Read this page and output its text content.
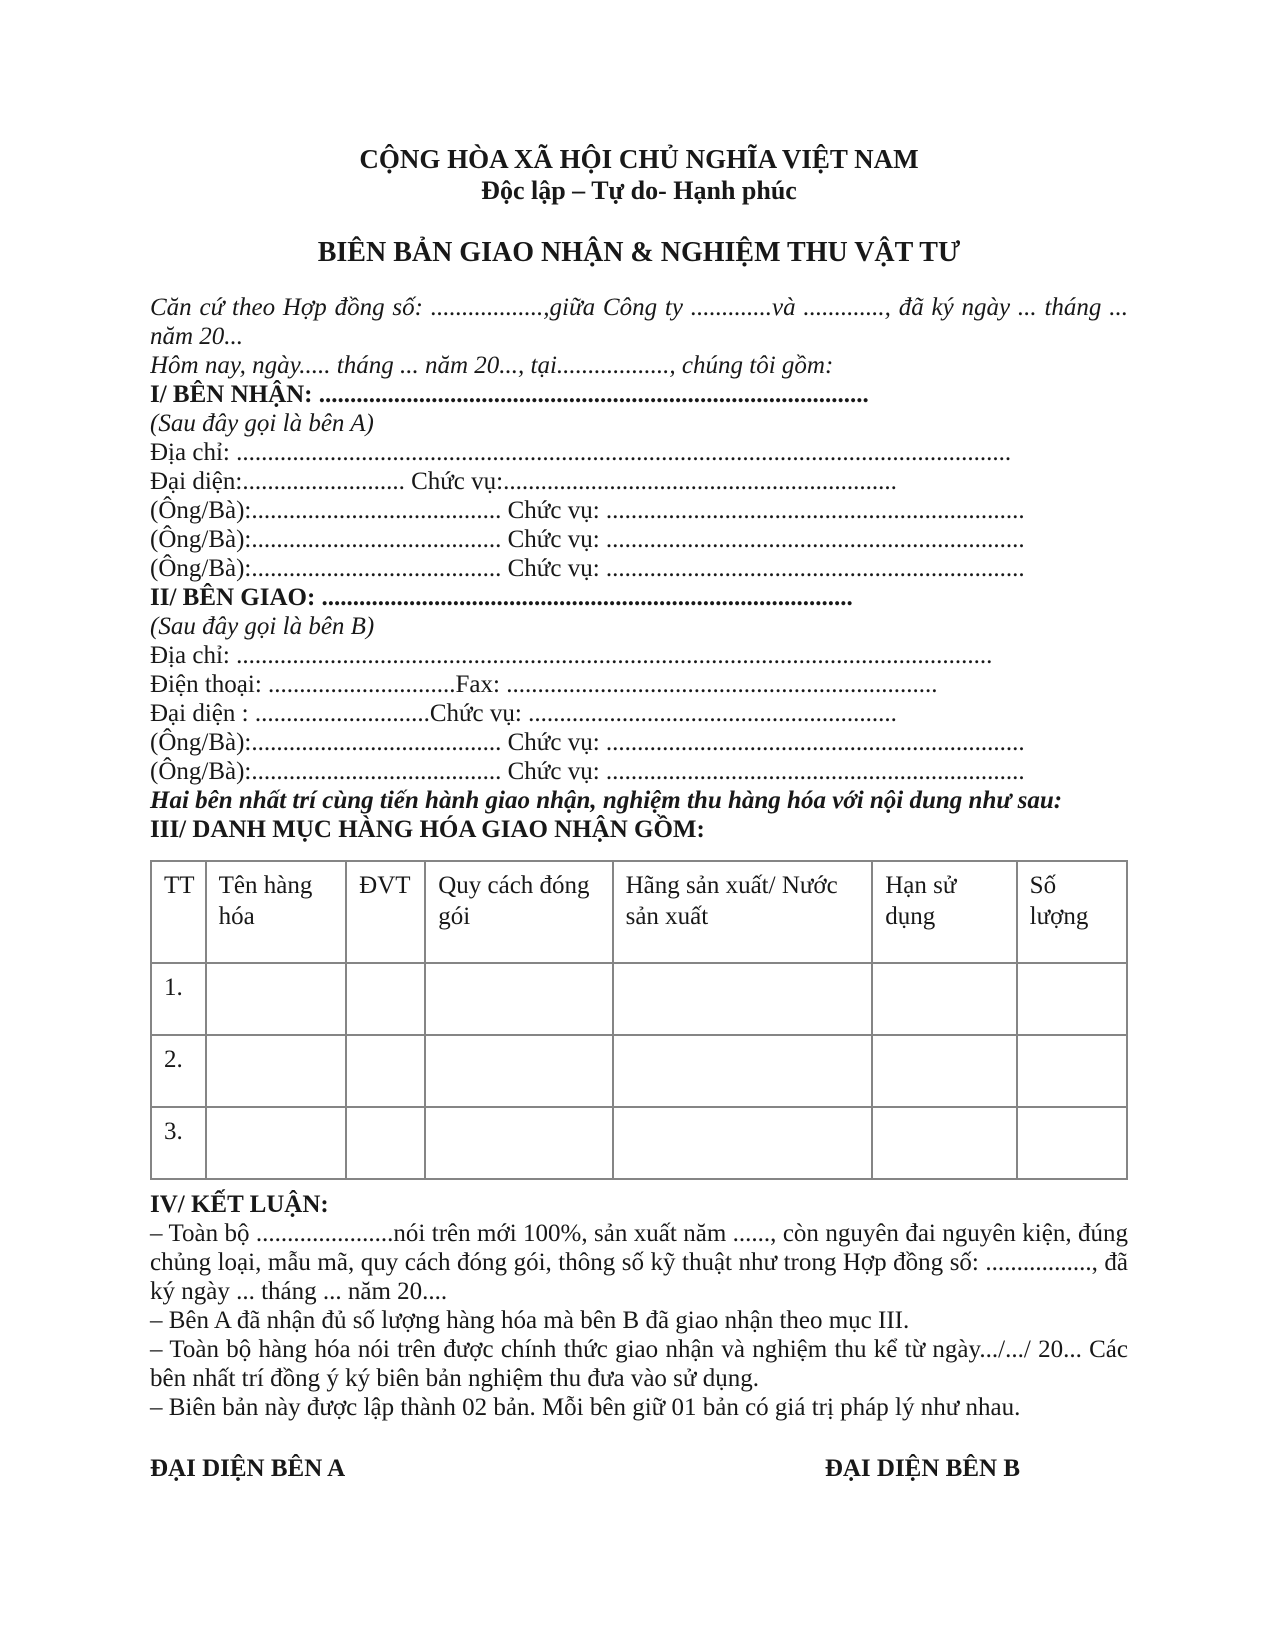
CỘNG HÒA XÃ HỘI CHỦ NGHĨA VIỆT NAM

Độc lập – Tự do- Hạnh phúc

BIÊN BẢN GIAO NHẬN & NGHIỆM THU VẬT TƯ

Căn cứ theo Hợp đồng số: ..................,giữa Công ty .............và ............., đã ký ngày ... tháng ... năm 20...

Hôm nay, ngày..... tháng ... năm 20..., tại.................., chúng tôi gồm:

I/ BÊN NHẬN: ........................................................................................

(Sau đây gọi là bên A)

Địa chỉ: ............................................................................................................................

Đại diện:.......................... Chức vụ:...............................................................

(Ông/Bà):........................................ Chức vụ: ...................................................................

(Ông/Bà):........................................ Chức vụ: ...................................................................

(Ông/Bà):........................................ Chức vụ: ...................................................................

II/ BÊN GIAO: .....................................................................................

(Sau đây gọi là bên B)

Địa chỉ: .........................................................................................................................

Điện thoại: ..............................Fax: .....................................................................

Đại diện : ............................Chức vụ: ...........................................................

(Ông/Bà):........................................ Chức vụ: ...................................................................

(Ông/Bà):........................................ Chức vụ: ...................................................................

Hai bên nhất trí cùng tiến hành giao nhận, nghiệm thu hàng hóa với nội dung như sau:

III/ DANH MỤC HÀNG HÓA GIAO NHẬN GỒM:

TT	Tên hàng hóa	ĐVT	Quy cách đóng gói	Hãng sản xuất/ Nước sản xuất	Hạn sử dụng	Số lượng
1.						
2.						
3.						

IV/ KẾT LUẬN:

– Toàn bộ ......................nói trên mới 100%, sản xuất năm ......, còn nguyên đai nguyên kiện, đúng chủng loại, mẫu mã, quy cách đóng gói, thông số kỹ thuật như trong Hợp đồng số: ................., đã ký ngày ... tháng ... năm 20....

– Bên A đã nhận đủ số lượng hàng hóa mà bên B đã giao nhận theo mục III.

– Toàn bộ hàng hóa nói trên được chính thức giao nhận và nghiệm thu kể từ ngày.../.../ 20... Các bên nhất trí đồng ý ký biên bản nghiệm thu đưa vào sử dụng.

– Biên bản này được lập thành 02 bản. Mỗi bên giữ 01 bản có giá trị pháp lý như nhau.

ĐẠI DIỆN BÊN A	ĐẠI DIỆN BÊN B
